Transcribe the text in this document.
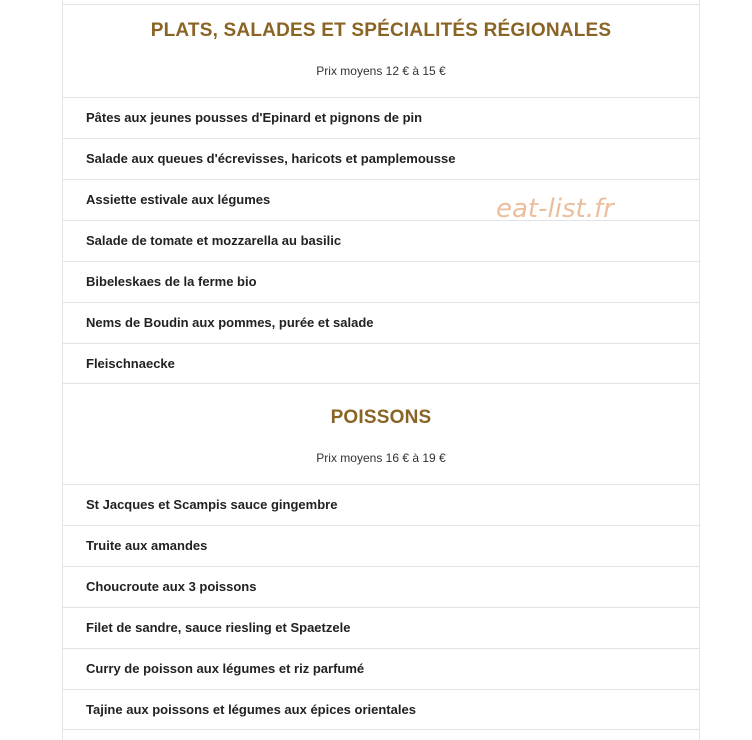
PLATS, SALADES ET SPÉCIALITÉS RÉGIONALES
Prix moyens 12 € à 15 €
Pâtes aux jeunes pousses d'Epinard et pignons de pin
Salade aux queues d'écrevisses, haricots et pamplemousse
Assiette estivale aux légumes
Salade de tomate et mozzarella au basilic
Bibeleskaes de la ferme bio
Nems de Boudin aux pommes, purée et salade
Fleischnaecke
POISSONS
Prix moyens 16 € à 19 €
St Jacques et Scampis sauce gingembre
Truite aux amandes
Choucroute aux 3 poissons
Filet de sandre, sauce riesling et Spaetzele
Curry de poisson aux légumes et riz parfumé
Tajine aux poissons et légumes aux épices orientales
eat-list.fr
